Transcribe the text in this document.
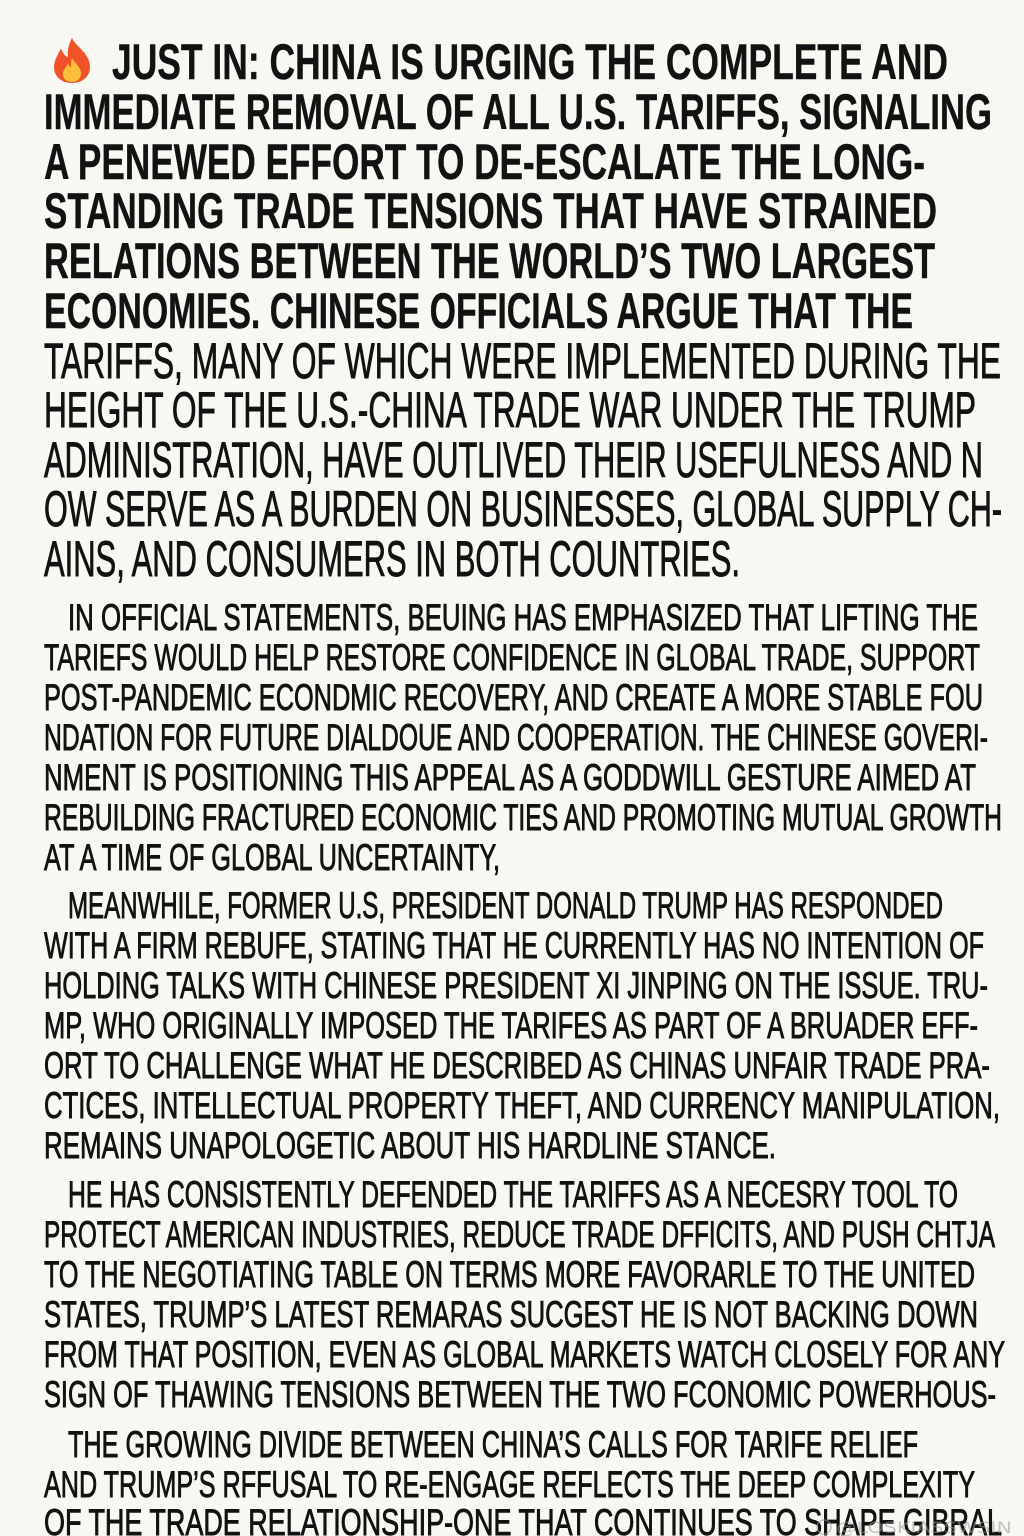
JUST IN: CHINA IS URGING THE COMPLETE AND
IMMEDIATE REMOVAL OF ALL U.S. TARIFFS, SIGNALING
A PENEWED EFFORT TO DE-ESCALATE THE LONG-
STANDING TRADE TENSIONS THAT HAVE STRAINED
RELATIONS BETWEEN THE WORLD’S TWO LARGEST
ECONOMIES. CHINESE OFFICIALS ARGUE THAT THE
TARIFFS, MANY OF WHICH WERE IMPLEMENTED DURING THE
HEIGHT OF THE U.S.-CHINA TRADE WAR UNDER THE TRUMP
ADMINISTRATION, HAVE OUTLIVED THEIR USEFULNESS AND N
OW SERVE AS A BURDEN ON BUSINESSES, GLOBAL SUPPLY CH-
AINS, AND CONSUMERS IN BOTH COUNTRIES.
IN OFFICIAL STATEMENTS, BEUING HAS EMPHASIZED THAT LIFTING THE
TARIEFS WOULD HELP RESTORE CONFIDENCE IN GLOBAL TRADE, SUPPORT
POST-PANDEMIC ECONDMIC RECOVERY, AND CREATE A MORE STABLE FOU
NDATION FOR FUTURE DIALDOUE AND COOPERATION. THE CHINESE GOVERI-
NMENT IS POSITIONING THIS APPEAL AS A GODDWILL GESTURE AIMED AT
REBUILDING FRACTURED ECONOMIC TIES AND PROMOTING MUTUAL GROWTH
AT A TIME OF GLOBAL UNCERTAINTY,
MEANWHILE, FORMER U.S, PRESIDENT DONALD TRUMP HAS RESPONDED
WITH A FIRM REBUFE, STATING THAT HE CURRENTLY HAS NO INTENTION OF
HOLDING TALKS WITH CHINESE PRESIDENT XI JINPING ON THE ISSUE. TRU-
MP, WHO ORIGINALLY IMPOSED THE TARIFES AS PART OF A BRUADER EFF-
ORT TO CHALLENGE WHAT HE DESCRIBED AS CHINAS UNFAIR TRADE PRA-
CTICES, INTELLECTUAL PROPERTY THEFT, AND CURRENCY MANIPULATION,
REMAINS UNAPOLOGETIC ABOUT HIS HARDLINE STANCE.
HE HAS CONSISTENTLY DEFENDED THE TARIFFS AS A NECESRY TOOL TO
PROTECT AMERICAN INDUSTRIES, REDUCE TRADE DFFICITS, AND PUSH CHTJA
TO THE NEGOTIATING TABLE ON TERMS MORE FAVORARLE TO THE UNITED
STATES, TRUMP’S LATEST REMARAS SUCGEST HE IS NOT BACKING DOWN
FROM THAT POSITION, EVEN AS GLOBAL MARKETS WATCH CLOSELY FOR ANY
SIGN OF THAWING TENSIONS BETWEEN THE TWO FCONOMIC POWERHOUS-
THE GROWING DIVIDE BETWEEN CHINA’S CALLS FOR TARIFE RELIEF
AND TRUMP’S RFFUSAL TO RE-ENGAGE REFLECTS THE DEEP COMPLEXITY
OF THE TRADE RELATIONSHIP-ONE THAT CONTINUES TO SHAPE GIBRAL
@LOSKIASSWSIN
